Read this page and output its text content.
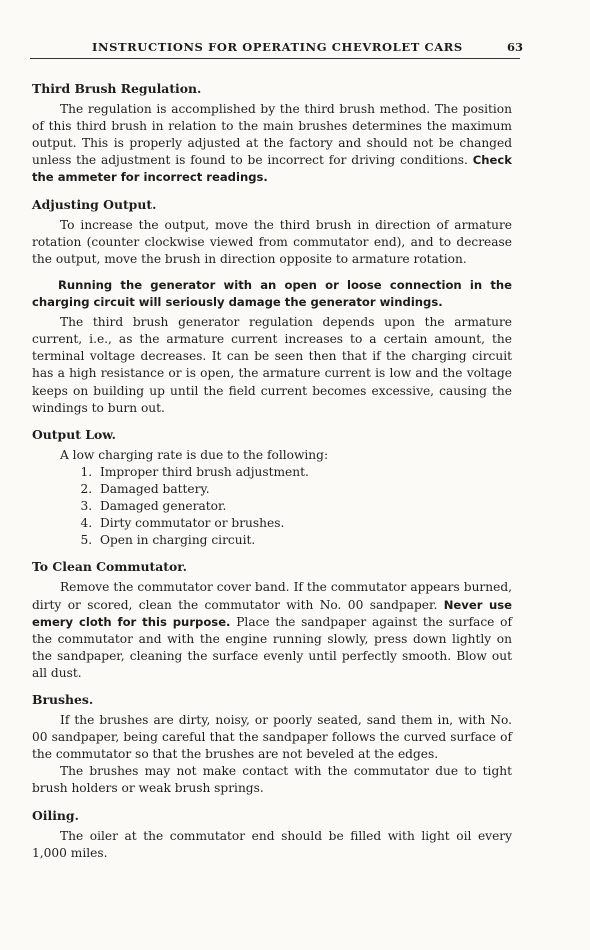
INSTRUCTIONS FOR OPERATING CHEVROLET CARS	63
Third Brush Regulation.

The regulation is accomplished by the third brush method. The position of this third brush in relation to the main brushes determines the maximum output. This is properly adjusted at the factory and should not be changed unless the adjustment is found to be incorrect for driving conditions. Check the ammeter for incorrect readings.

Adjusting Output.

To increase the output, move the third brush in direction of armature rotation (counter clockwise viewed from commutator end), and to decrease the output, move the brush in direction opposite to armature rotation.

Running the generator with an open or loose connection in the charging circuit will seriously damage the generator windings.

The third brush generator regulation depends upon the armature current, i.e., as the armature current increases to a certain amount, the terminal voltage decreases. It can be seen then that if the charging circuit has a high resistance or is open, the armature current is low and the voltage keeps on building up until the field current becomes excessive, causing the windings to burn out.

Output Low.

A low charging rate is due to the following:

1. Improper third brush adjustment.
2. Damaged battery.
3. Damaged generator.
4. Dirty commutator or brushes.
5. Open in charging circuit.
To Clean Commutator.

Remove the commutator cover band. If the commutator appears burned, dirty or scored, clean the commutator with No. 00 sandpaper. Never use emery cloth for this purpose. Place the sandpaper against the surface of the commutator and with the engine running slowly, press down lightly on the sandpaper, cleaning the surface evenly until perfectly smooth. Blow out all dust.

Brushes.

If the brushes are dirty, noisy, or poorly seated, sand them in, with No. 00 sandpaper, being careful that the sandpaper follows the curved surface of the commutator so that the brushes are not beveled at the edges.

The brushes may not make contact with the commutator due to tight brush holders or weak brush springs.

Oiling.

The oiler at the commutator end should be filled with light oil every 1,000 miles.
